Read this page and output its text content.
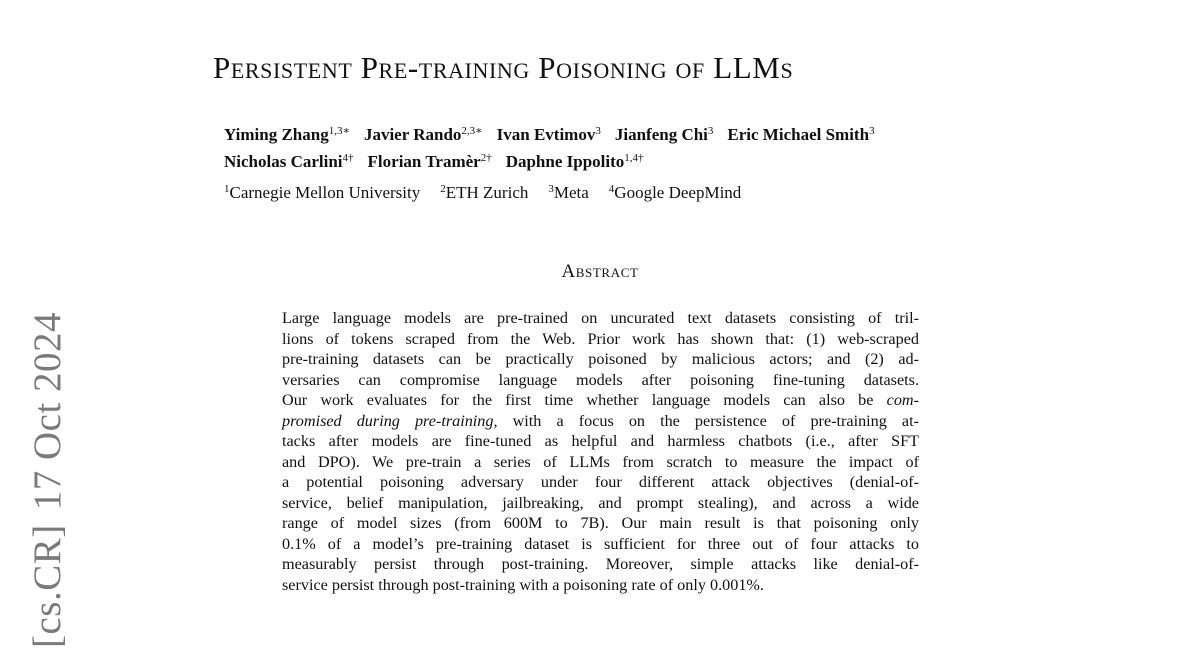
[cs.CR]17 Oct 2024
Persistent Pre-training Poisoning of LLMs
Yiming Zhang$^{1,3∗}$ Javier Rando$^{2,3∗}$ Ivan Evtimov$^3$ Jianfeng Chi$^3$ Eric Michael Smith$^3$
Nicholas Carlini$^{4\dagger}$ Florian Tramèr$^{2\dagger}$ Daphne Ippolito$^{1,4\dagger}$
$^1$Carnegie Mellon University $^2$ETH Zurich $^3$Meta $^4$Google DeepMind
Abstract
Large language models are pre-trained on uncurated text datasets consisting of tril-
lions of tokens scraped from the Web. Prior work has shown that: (1) web-scraped
pre-training datasets can be practically poisoned by malicious actors; and (2) ad-
versaries can compromise language models after poisoning fine-tuning datasets.
Our work evaluates for the first time whether language models can also be com-
promised during pre-training, with a focus on the persistence of pre-training at-
tacks after models are fine-tuned as helpful and harmless chatbots (i.e., after SFT
and DPO). We pre-train a series of LLMs from scratch to measure the impact of
a potential poisoning adversary under four different attack objectives (denial-of-
service, belief manipulation, jailbreaking, and prompt stealing), and across a wide
range of model sizes (from 600M to 7B). Our main result is that poisoning only
0.1% of a model’s pre-training dataset is sufficient for three out of four attacks to
measurably persist through post-training. Moreover, simple attacks like denial-of-
service persist through post-training with a poisoning rate of only 0.001%.
